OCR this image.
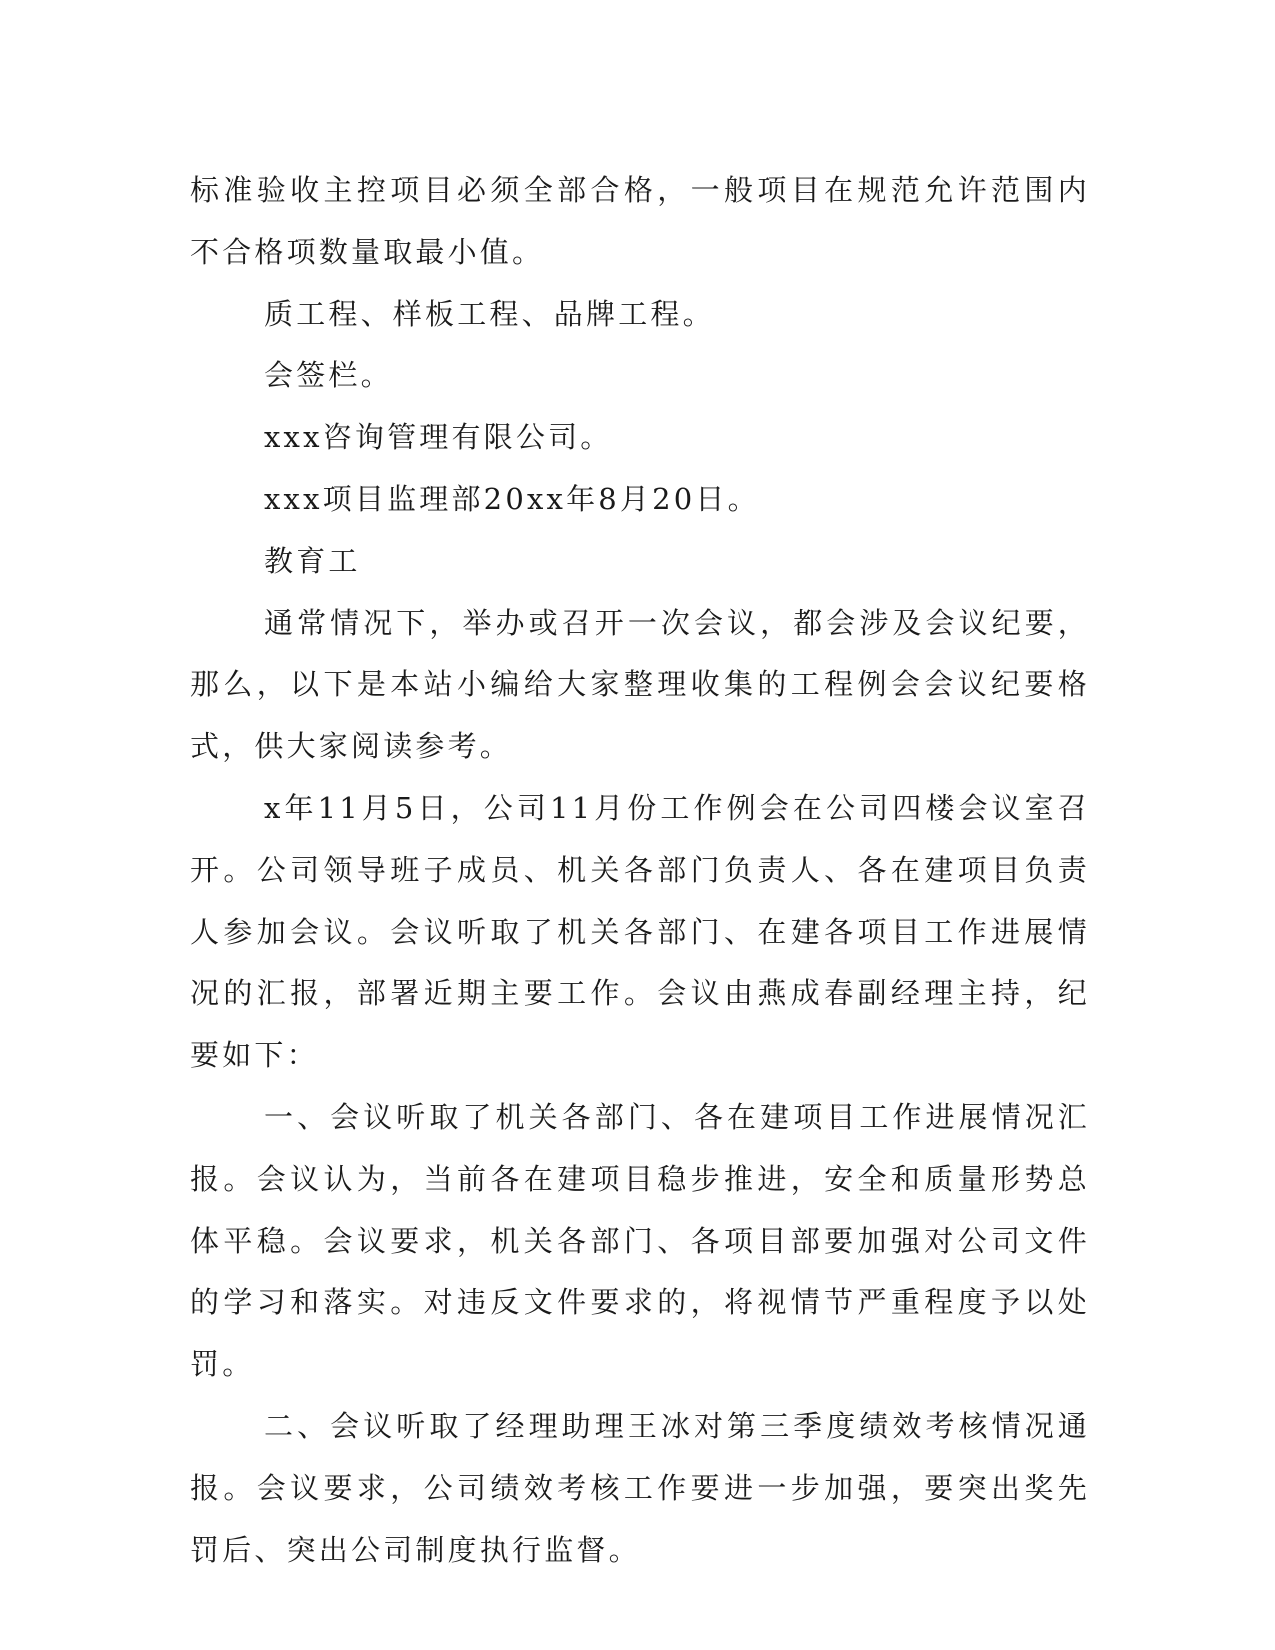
标准验收主控项目必须全部合格，一般项目在规范允许范围内不合格项数量取最小值。

质工程、样板工程、品牌工程。

会签栏。

xxx咨询管理有限公司。

xxx项目监理部20xx年8月20日。

教育工

通常情况下，举办或召开一次会议，都会涉及会议纪要，那么，以下是本站小编给大家整理收集的工程例会会议纪要格式，供大家阅读参考。

x年11月5日，公司11月份工作例会在公司四楼会议室召开。公司领导班子成员、机关各部门负责人、各在建项目负责人参加会议。会议听取了机关各部门、在建各项目工作进展情况的汇报，部署近期主要工作。会议由燕成春副经理主持，纪要如下：

一、会议听取了机关各部门、各在建项目工作进展情况汇报。会议认为，当前各在建项目稳步推进，安全和质量形势总体平稳。会议要求，机关各部门、各项目部要加强对公司文件的学习和落实。对违反文件要求的，将视情节严重程度予以处罚。

二、会议听取了经理助理王冰对第三季度绩效考核情况通报。会议要求，公司绩效考核工作要进一步加强，要突出奖先罚后、突出公司制度执行监督。
